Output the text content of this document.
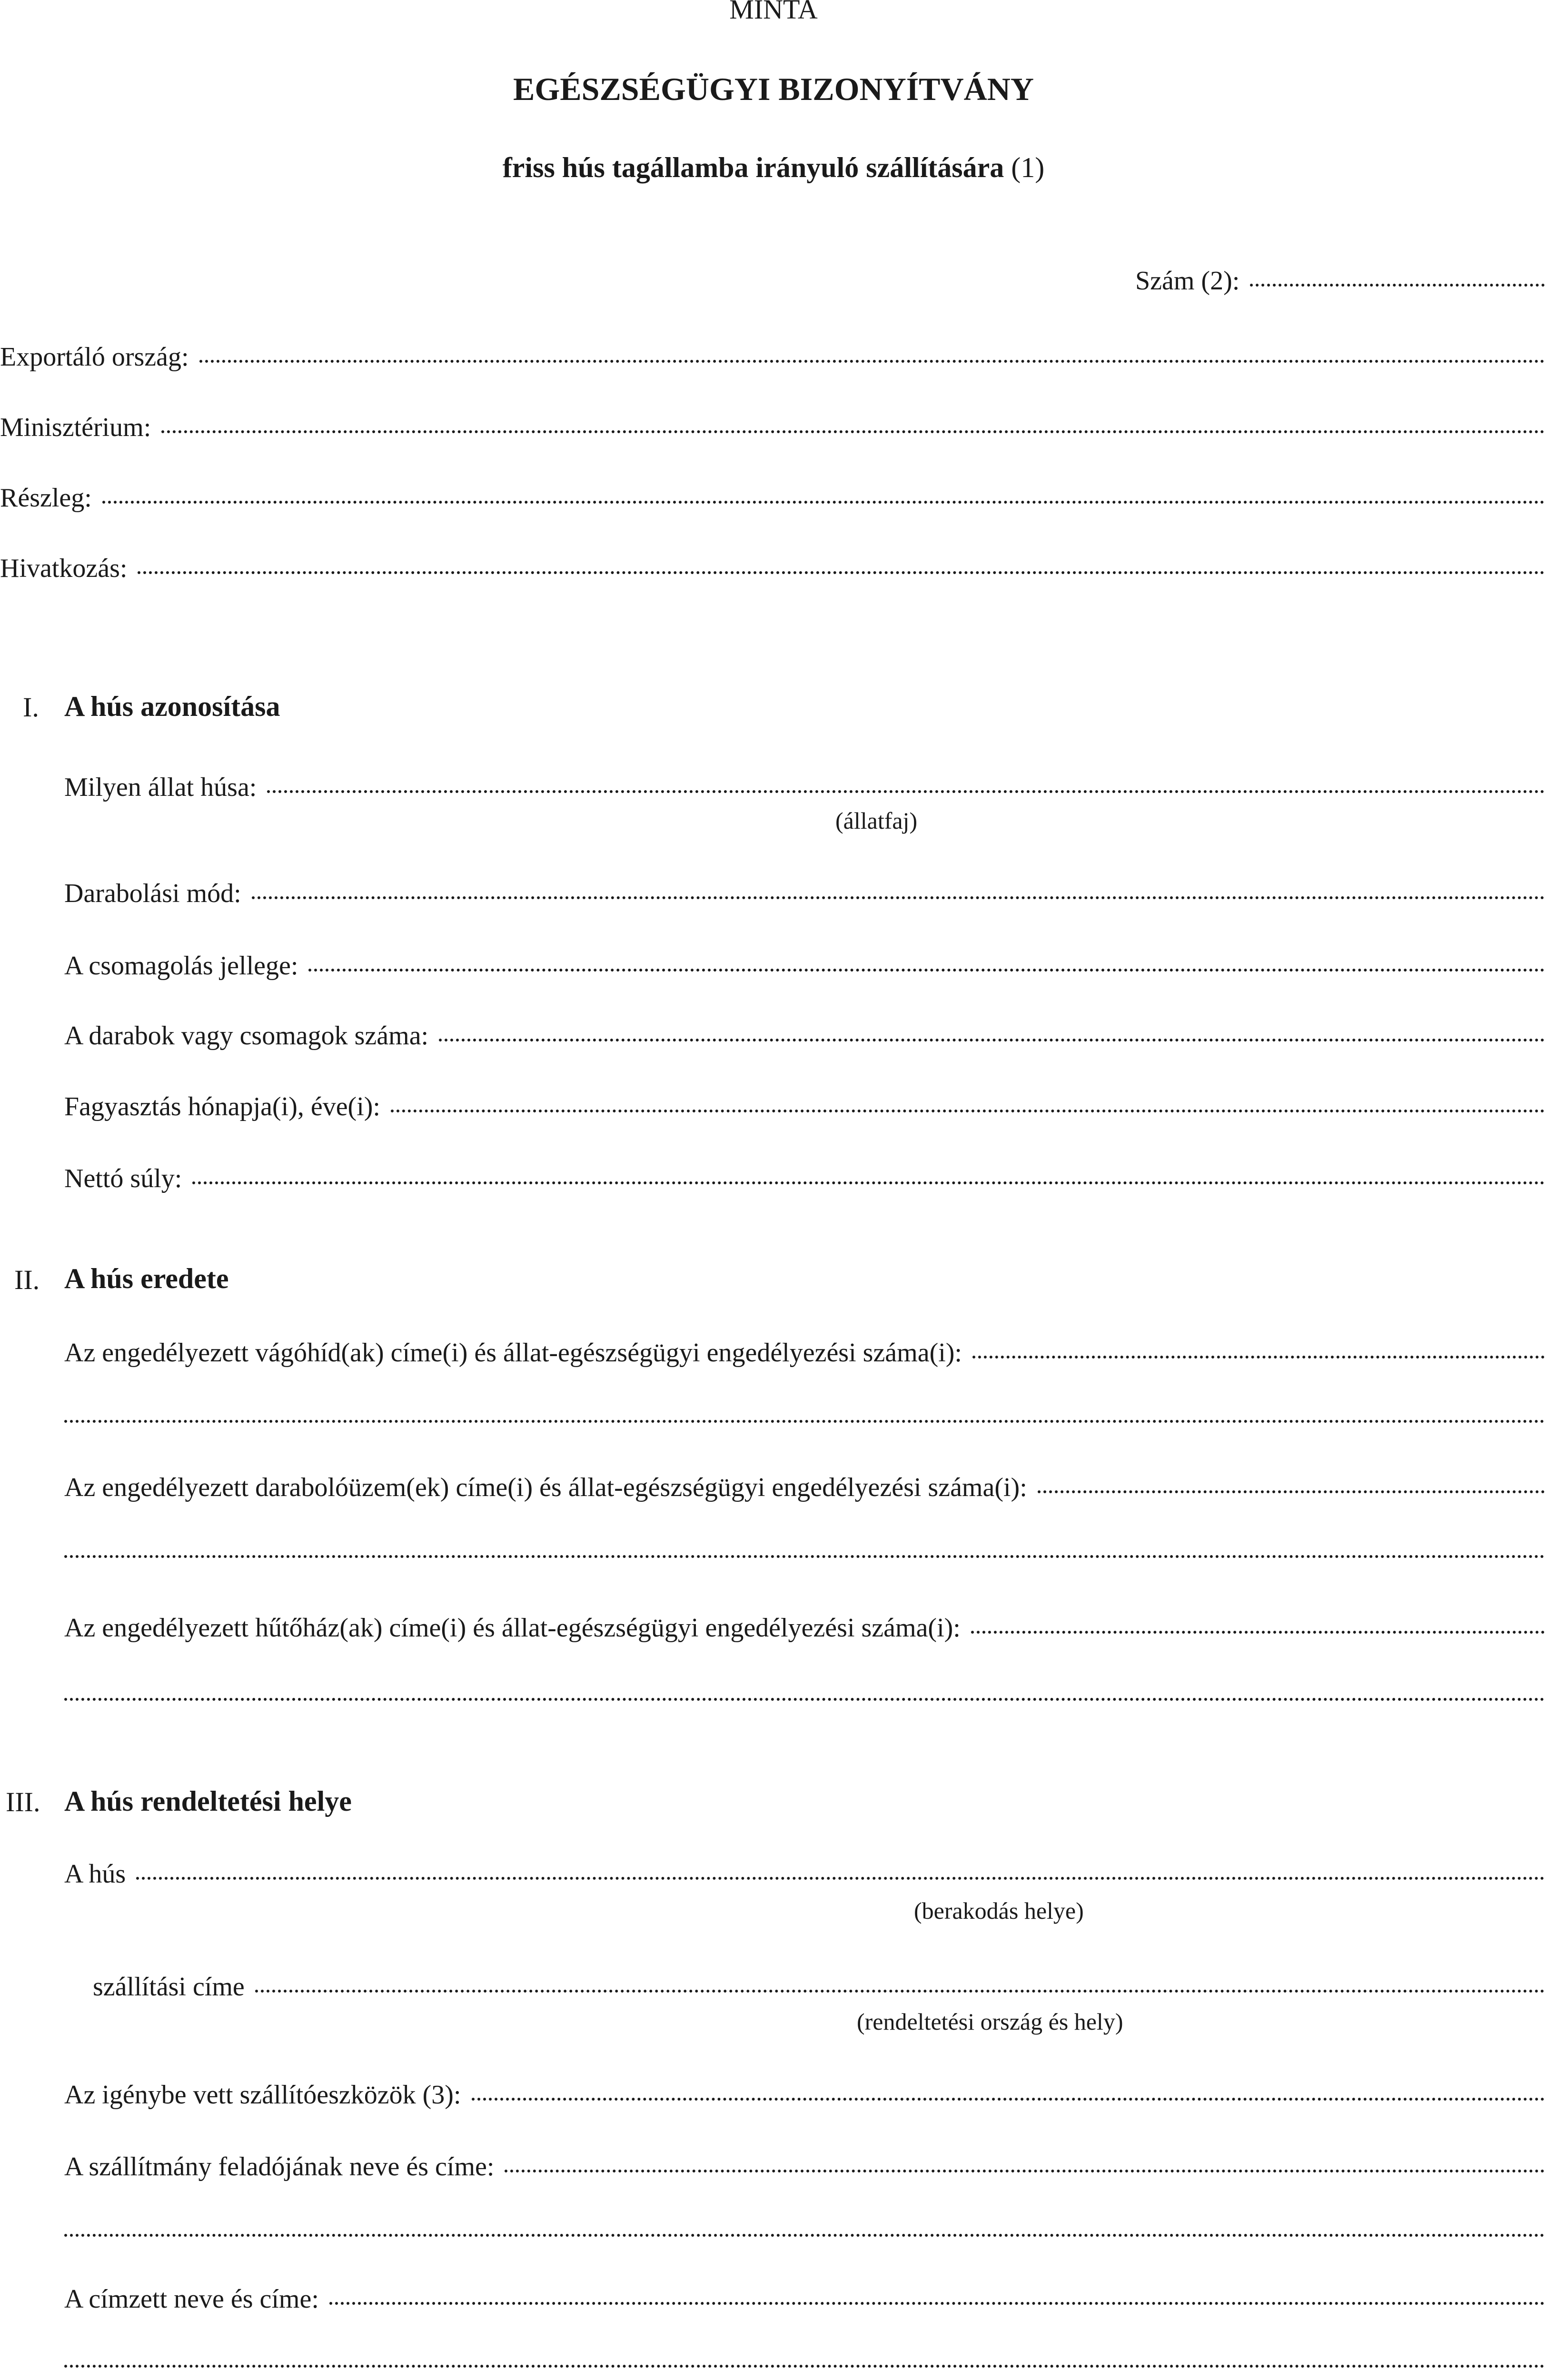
MINTA
EGÉSZSÉGÜGYI BIZONYÍTVÁNY
friss hús tagállamba irányuló szállítására (1)
Szám (2):
Exportáló ország:
Minisztérium:
Részleg:
Hivatkozás:
I. A hús azonosítása
Milyen állat húsa:
(állatfaj)
Darabolási mód:
A csomagolás jellege:
A darabok vagy csomagok száma:
Fagyasztás hónapja(i), éve(i):
Nettó súly:
II. A hús eredete
Az engedélyezett vágóhíd(ak) címe(i) és állat-egészségügyi engedélyezési száma(i):
Az engedélyezett darabolóüzem(ek) címe(i) és állat-egészségügyi engedélyezési száma(i):
Az engedélyezett hűtőház(ak) címe(i) és állat-egészségügyi engedélyezési száma(i):
III. A hús rendeltetési helye
A hús
(berakodás helye)
szállítási címe
(rendeltetési ország és hely)
Az igénybe vett szállítóeszközök (3):
A szállítmány feladójának neve és címe:
A címzett neve és címe:
